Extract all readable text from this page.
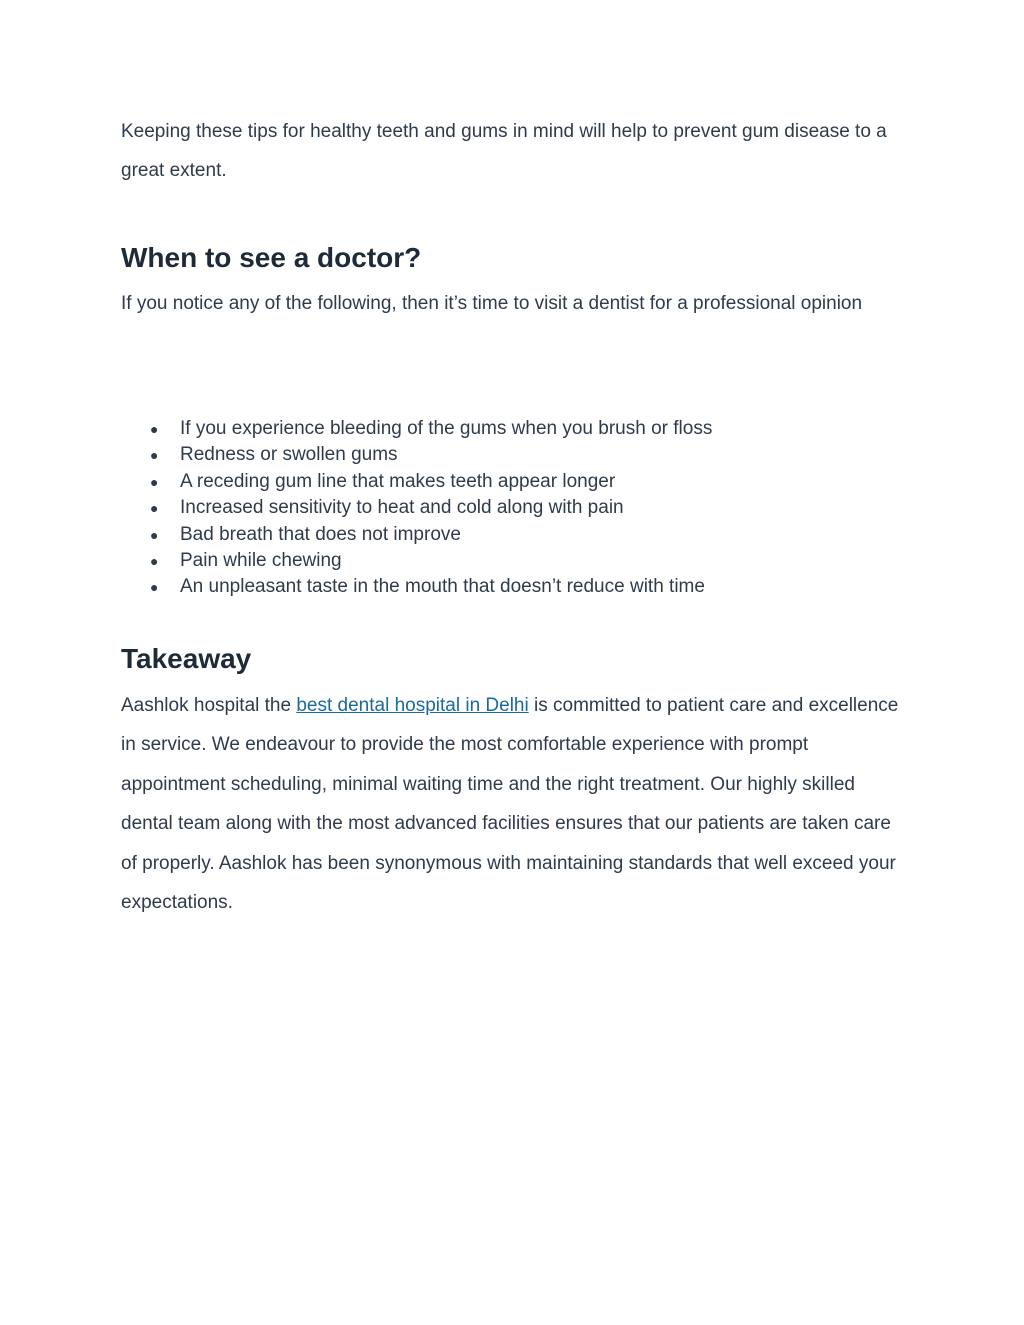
Keeping these tips for healthy teeth and gums in mind will help to prevent gum disease to a great extent.

When to see a doctor?

If you notice any of the following, then it’s time to visit a dentist for a professional opinion

●	If you experience bleeding of the gums when you brush or floss
●	Redness or swollen gums
●	A receding gum line that makes teeth appear longer
●	Increased sensitivity to heat and cold along with pain
●	Bad breath that does not improve
●	Pain while chewing
●	An unpleasant taste in the mouth that doesn’t reduce with time
Takeaway

Aashlok hospital the best dental hospital in Delhi is committed to patient care and excellence in service. We endeavour to provide the most comfortable experience with prompt appointment scheduling, minimal waiting time and the right treatment. Our highly skilled dental team along with the most advanced facilities ensures that our patients are taken care of properly. Aashlok has been synonymous with maintaining standards that well exceed your expectations.
